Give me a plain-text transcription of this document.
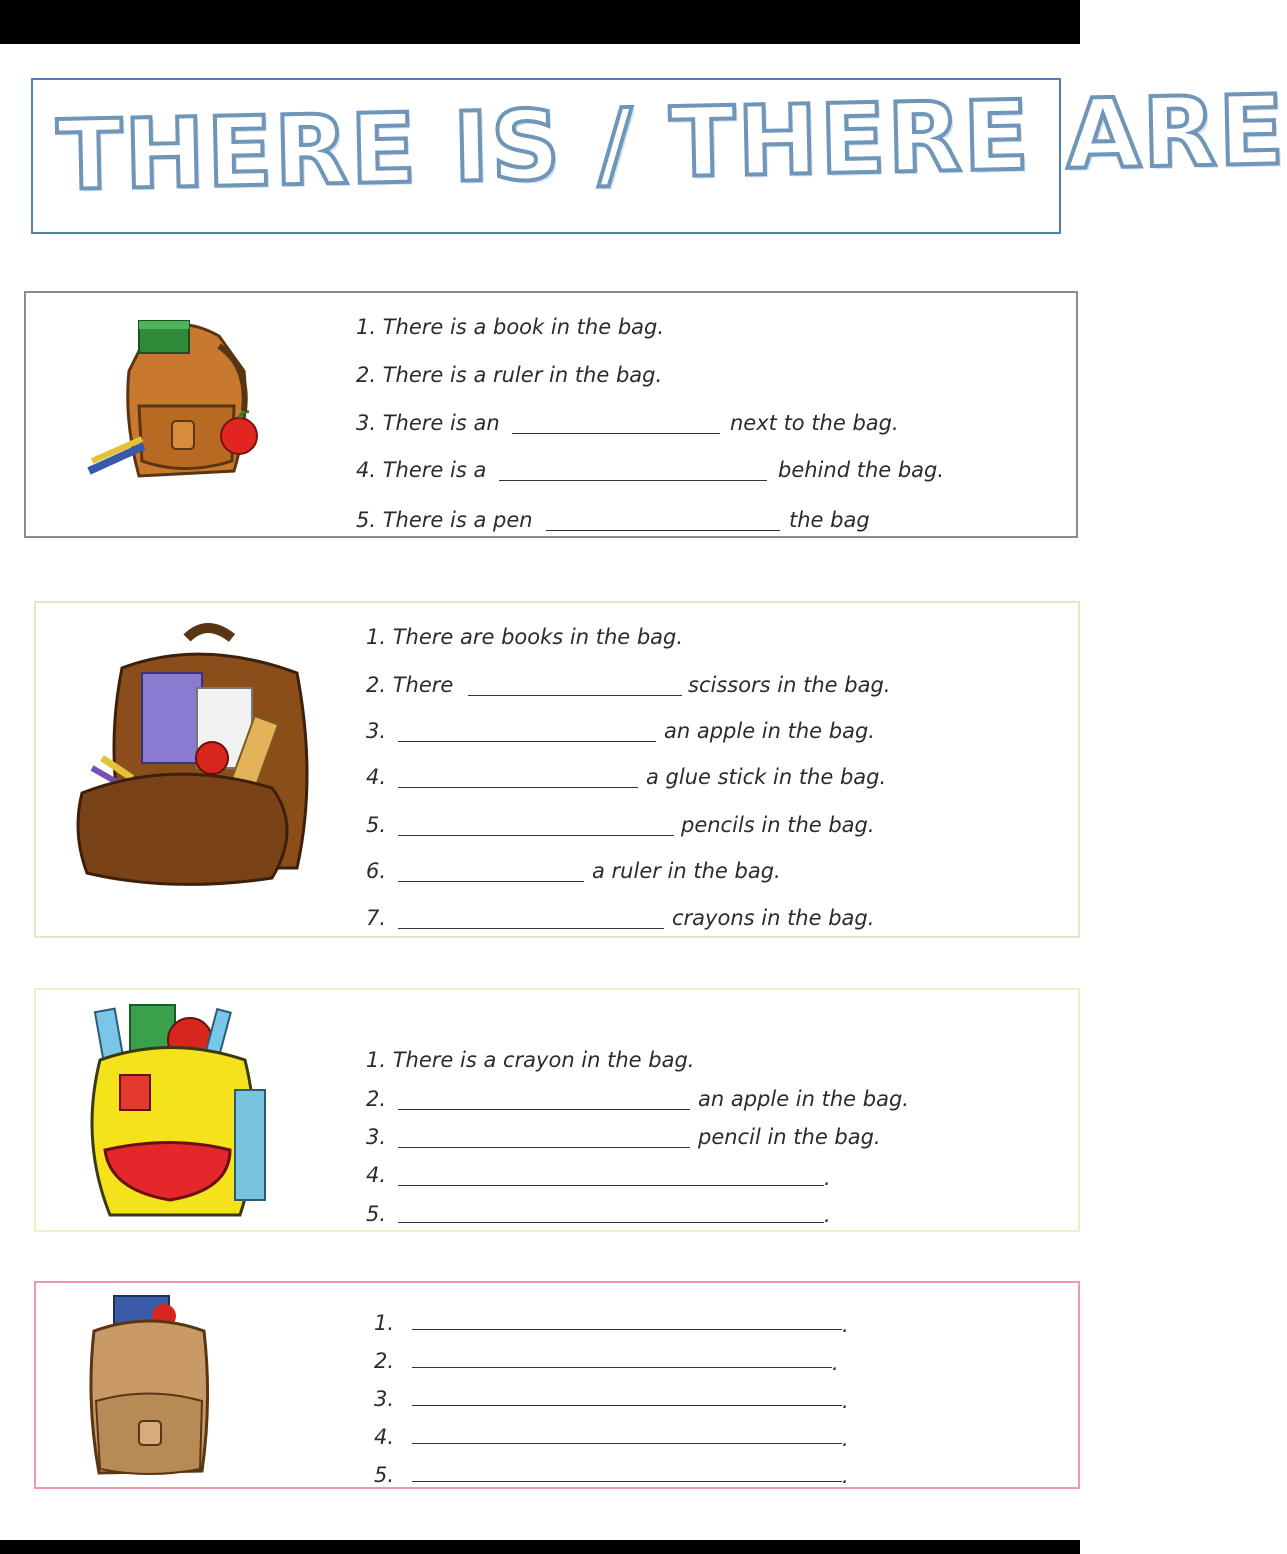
THERE IS / THERE ARE
1. There is a book in the bag.
2. There is a ruler in the bag.
3. There is an	next to the bag.
4. There is a	behind the bag.
5. There is a pen	the bag
1. There are books in the bag.
2. There	scissors in the bag.
3.	an apple in the bag.
4.	a glue stick in the bag.
5.	pencils in the bag.
6.	a ruler in the bag.
7.	crayons in the bag.
1. There is a crayon in the bag.
2.	an apple in the bag.
3.	pencil in the bag.
4.	.
5.	.
1.	.
2.	.
3.	.
4.	.
5.	.
